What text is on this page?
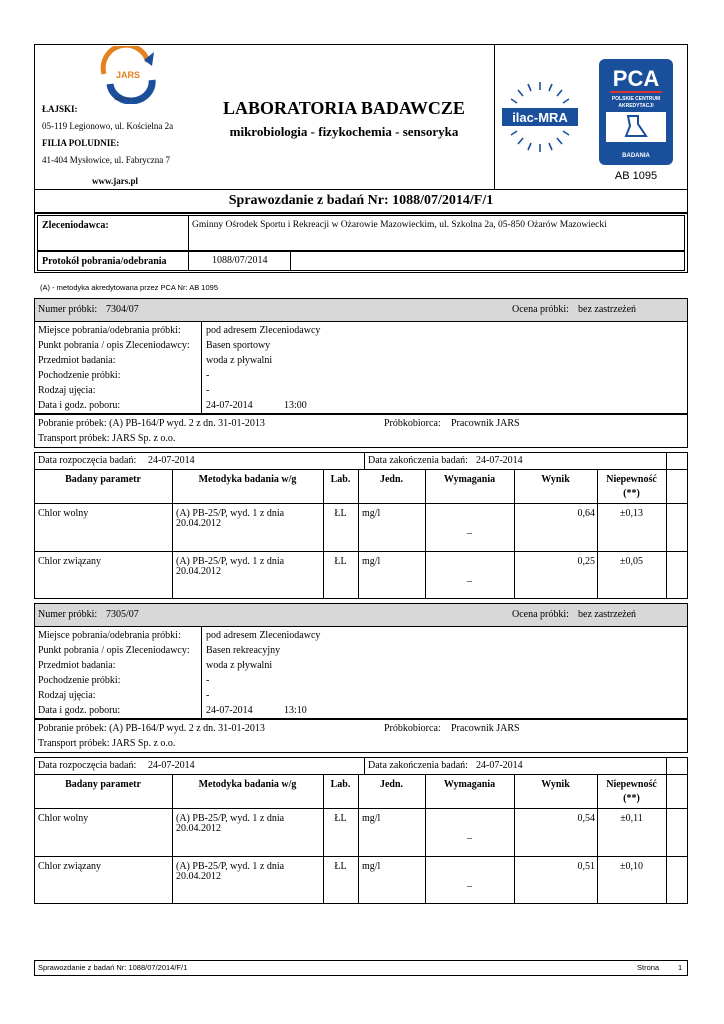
JARS
JARS Sp. z o.o.
ŁAJSKI:
05-119 Legionowo, ul. Kościelna 2a
FILIA POLUDNIE:
41-404 Mysłowice, ul. Fabryczna 7
www.jars.pl
LABORATORIA BADAWCZE
mikrobiologia - fizykochemia - sensoryka
ilac-MRA
PCA
POLSKIE CENTRUM
AKREDYTACJI
BADANIA
AB 1095
Sprawozdanie z badań Nr: 1088/07/2014/F/1
Zleceniodawca:	Gminny Ośrodek Sportu i Rekreacji w Ożarowie Mazowieckim, ul. Szkolna 2a, 05-850 Ożarów Mazowiecki
Protokół pobrania/odebrania	1088/07/2014
(A) - metodyka akredytowana przez PCA Nr: AB 1095
Numer próbki: 7304/07	Ocena próbki: bez zastrzeżeń
Miejsce pobrania/odebrania próbki:	pod adresem Zleceniodawcy
Punkt pobrania / opis Zleceniodawcy: Basen sportowy
Przedmiot badania:	woda z pływalni
Pochodzenie próbki:	-
Rodzaj ujęcia:	-
Data i godz. poboru:	24-07-2014	13:00
Pobranie próbek: (A) PB-164/P wyd. 2 z dn. 31-01-2013	Próbkobiorca: Pracownik JARS
Transport próbek: JARS Sp. z o.o.
Data rozpoczęcia badań: 24-07-2014	Data zakończenia badań: 24-07-2014
Badany parametr	Metodyka badania w/g	Lab.	Jedn.	Wymagania	Wynik	Niepewność
(**)
Chlor wolny	(A) PB-25/P, wyd. 1 z dnia
20.04.2012
ŁL	mg/l
–
0,64	±0,13
Chlor związany	(A) PB-25/P, wyd. 1 z dnia
20.04.2012
ŁL	mg/l
–
0,25	±0,05
Numer próbki: 7305/07	Ocena próbki: bez zastrzeżeń
Miejsce pobrania/odebrania próbki:	pod adresem Zleceniodawcy
Punkt pobrania / opis Zleceniodawcy: Basen rekreacyjny
Przedmiot badania:	woda z pływalni
Pochodzenie próbki:	-
Rodzaj ujęcia:	-
Data i godz. poboru:	24-07-2014	13:10
Pobranie próbek: (A) PB-164/P wyd. 2 z dn. 31-01-2013	Próbkobiorca: Pracownik JARS
Transport próbek: JARS Sp. z o.o.
Data rozpoczęcia badań: 24-07-2014	Data zakończenia badań: 24-07-2014
Badany parametr	Metodyka badania w/g	Lab.	Jedn.	Wymagania	Wynik	Niepewność
(**)
Chlor wolny	(A) PB-25/P, wyd. 1 z dnia
20.04.2012
ŁL	mg/l
–
0,54	±0,11
Chlor związany	(A) PB-25/P, wyd. 1 z dnia
20.04.2012
ŁL	mg/l
–
0,51	±0,10
Sprawozdanie z badań Nr: 1088/07/2014/F/1	Strona	1
